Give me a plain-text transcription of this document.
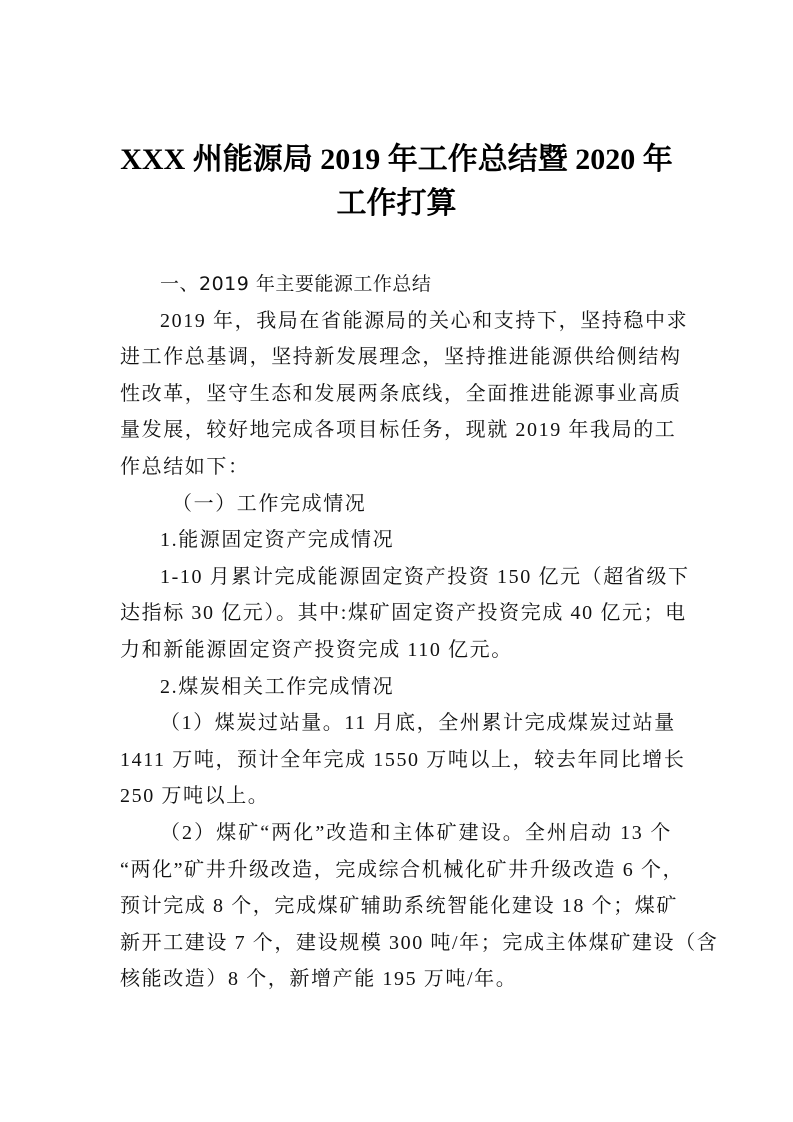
XXX 州能源局 2019 年工作总结暨 2020 年
工作打算
一、2019 年主要能源工作总结
2019 年，我局在省能源局的关心和支持下，坚持稳中求
进工作总基调，坚持新发展理念，坚持推进能源供给侧结构
性改革，坚守生态和发展两条底线，全面推进能源事业高质
量发展，较好地完成各项目标任务，现就 2019 年我局的工
作总结如下：
（一）工作完成情况
1.能源固定资产完成情况
1-10 月累计完成能源固定资产投资 150 亿元（超省级下
达指标 30 亿元）。其中:煤矿固定资产投资完成 40 亿元；电
力和新能源固定资产投资完成 110 亿元。
2.煤炭相关工作完成情况
（1）煤炭过站量。11 月底，全州累计完成煤炭过站量
1411 万吨，预计全年完成 1550 万吨以上，较去年同比增长
250 万吨以上。
（2）煤矿“两化”改造和主体矿建设。全州启动 13 个
“两化”矿井升级改造，完成综合机械化矿井升级改造 6 个，
预计完成 8 个，完成煤矿辅助系统智能化建设 18 个；煤矿
新开工建设 7 个，建设规模 300 吨/年；完成主体煤矿建设（含
核能改造）8 个，新增产能 195 万吨/年。
